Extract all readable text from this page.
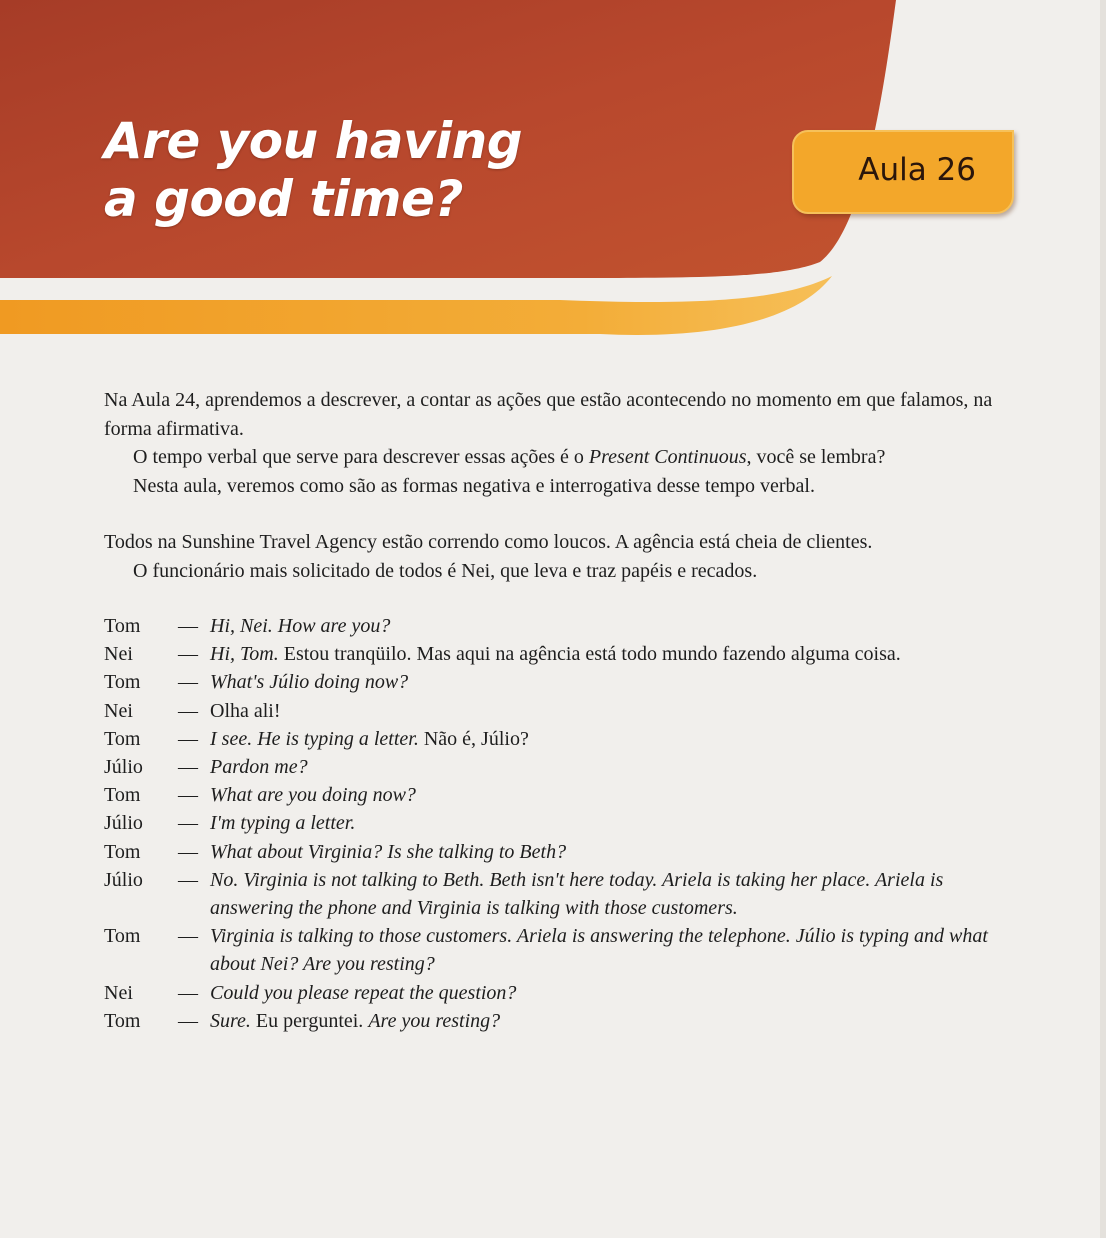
Are you having
a good time?	Aula 26

Na Aula 24, aprendemos a descrever, a contar as ações que estão acontecendo no momento em que falamos, na forma afirmativa.

O tempo verbal que serve para descrever essas ações é o Present Continuous, você se lembra?

Nesta aula, veremos como são as formas negativa e interrogativa desse tempo verbal.

Todos na Sunshine Travel Agency estão correndo como loucos. A agência está cheia de clientes.

O funcionário mais solicitado de todos é Nei, que leva e traz papéis e recados.

Tom	— Hi, Nei. How are you?
Nei	— Hi, Tom. Estou tranqüilo. Mas aqui na agência está todo mundo fazendo alguma coisa.
Tom	— What's Júlio doing now?
Nei	— Olha ali!
Tom	— I see. He is typing a letter. Não é, Júlio?
Júlio	— Pardon me?
Tom	— What are you doing now?
Júlio	— I'm typing a letter.
Tom	— What about Virginia? Is she talking to Beth?
Júlio	— No. Virginia is not talking to Beth. Beth isn't here today. Ariela is taking her place. Ariela is answering the phone and Virginia is talking with those customers.
Tom	— Virginia is talking to those customers. Ariela is answering the telephone. Júlio is typing and what about Nei? Are you resting?
Nei	— Could you please repeat the question?
Tom	— Sure. Eu perguntei. Are you resting?
